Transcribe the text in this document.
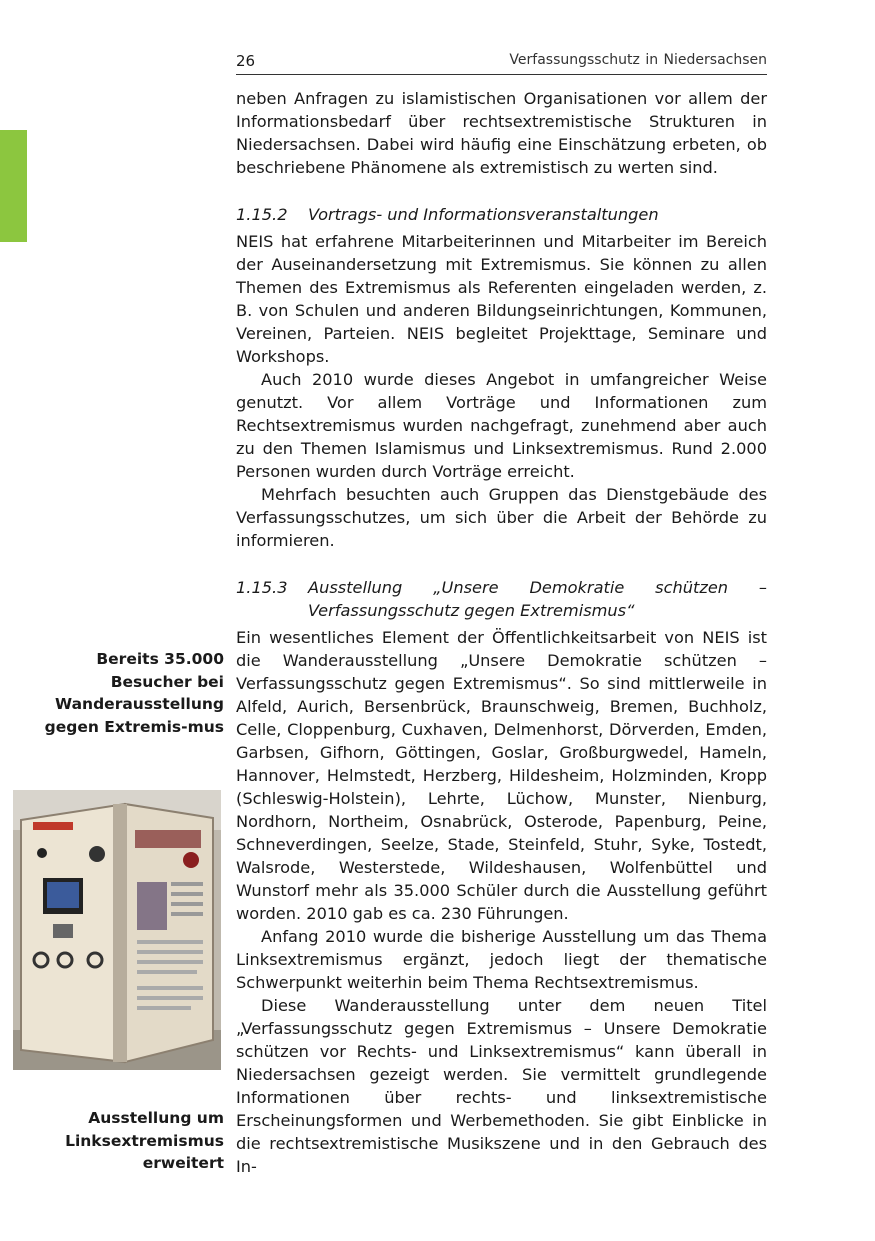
26	Verfassungsschutz in Niedersachsen

neben Anfragen zu islamistischen Organisationen vor allem der Informationsbedarf über rechtsextremistische Strukturen in Niedersachsen. Dabei wird häufig eine Einschätzung erbeten, ob beschriebene Phänomene als extremistisch zu werten sind.

1.15.2	Vortrags- und Informationsveranstaltungen

NEIS hat erfahrene Mitarbeiterinnen und Mitarbeiter im Bereich der Auseinandersetzung mit Extremismus. Sie können zu allen Themen des Extremismus als Referenten eingeladen werden, z. B. von Schulen und anderen Bildungseinrichtungen, Kommunen, Vereinen, Parteien. NEIS begleitet Projekttage, Seminare und Workshops.

Auch 2010 wurde dieses Angebot in umfangreicher Weise genutzt. Vor allem Vorträge und Informationen zum Rechtsextremismus wurden nachgefragt, zunehmend aber auch zu den Themen Islamismus und Linksextremismus. Rund 2.000 Personen wurden durch Vorträge erreicht.

Mehrfach besuchten auch Gruppen das Dienstgebäude des Verfassungsschutzes, um sich über die Arbeit der Behörde zu informieren.

1.15.3	Ausstellung „Unsere Demokratie schützen – Verfassungsschutz gegen Extremismus“

Ein wesentliches Element der Öffentlichkeitsarbeit von NEIS ist die Wanderausstellung „Unsere Demokratie schützen – Verfassungsschutz gegen Extremismus“. So sind mittlerweile in Alfeld, Aurich, Bersenbrück, Braunschweig, Bremen, Buchholz, Celle, Cloppenburg, Cuxhaven, Delmenhorst, Dörverden, Emden, Garbsen, Gifhorn, Göttingen, Goslar, Großburgwedel, Hameln, Hannover, Helmstedt, Herzberg, Hildesheim, Holzminden, Kropp (Schleswig-Holstein), Lehrte, Lüchow, Munster, Nienburg, Nordhorn, Northeim, Osnabrück, Osterode, Papenburg, Peine, Schneverdingen, Seelze, Stade, Steinfeld, Stuhr, Syke, Tostedt, Walsrode, Westerstede, Wildeshausen, Wolfenbüttel und Wunstorf mehr als 35.000 Schüler durch die Ausstellung geführt worden. 2010 gab es ca. 230 Führungen.

Anfang 2010 wurde die bisherige Ausstellung um das Thema Linksextremismus ergänzt, jedoch liegt der thematische Schwerpunkt weiterhin beim Thema Rechtsextremismus.

Diese Wanderausstellung unter dem neuen Titel „Verfassungsschutz gegen Extremismus – Unsere Demokratie schützen vor Rechts- und Linksextremismus“ kann überall in Niedersachsen gezeigt werden. Sie vermittelt grundlegende Informationen über rechts- und linksextremistische Erscheinungsformen und Werbemethoden. Sie gibt Einblicke in die rechtsextremistische Musikszene und in den Gebrauch des In-

Bereits 35.000 Besucher bei Wanderausstellung gegen Extremis-mus
Ausstellung um Linksextremismus erweitert
